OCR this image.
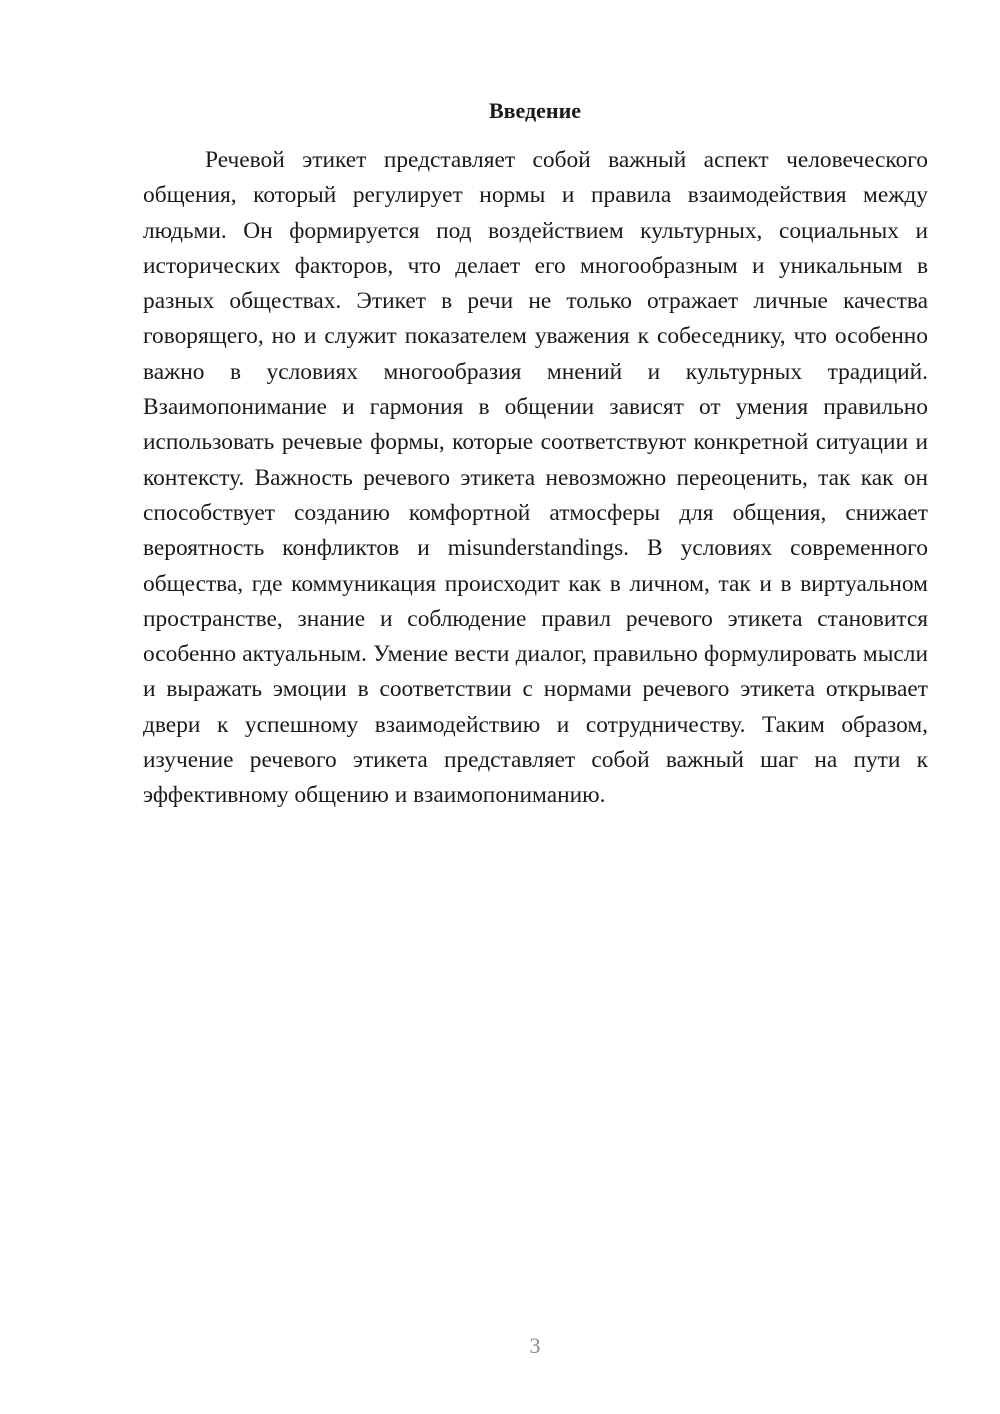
Введение

Речевой этикет представляет собой важный аспект человеческого общения, который регулирует нормы и правила взаимодействия между людьми. Он формируется под воздействием культурных, социальных и исторических факторов, что делает его многообразным и уникальным в разных обществах. Этикет в речи не только отражает личные качества говорящего, но и служит показателем уважения к собеседнику, что особенно важно в условиях многообразия мнений и культурных традиций. Взаимопонимание и гармония в общении зависят от умения правильно использовать речевые формы, которые соответствуют конкретной ситуации и контексту. Важность речевого этикета невозможно переоценить, так как он способствует созданию комфортной атмосферы для общения, снижает вероятность конфликтов и misunderstandings. В условиях современного общества, где коммуникация происходит как в личном, так и в виртуальном пространстве, знание и соблюдение правил речевого этикета становится особенно актуальным. Умение вести диалог, правильно формулировать мысли и выражать эмоции в соответствии с нормами речевого этикета открывает двери к успешному взаимодействию и сотрудничеству. Таким образом, изучение речевого этикета представляет собой важный шаг на пути к эффективному общению и взаимопониманию.

3
